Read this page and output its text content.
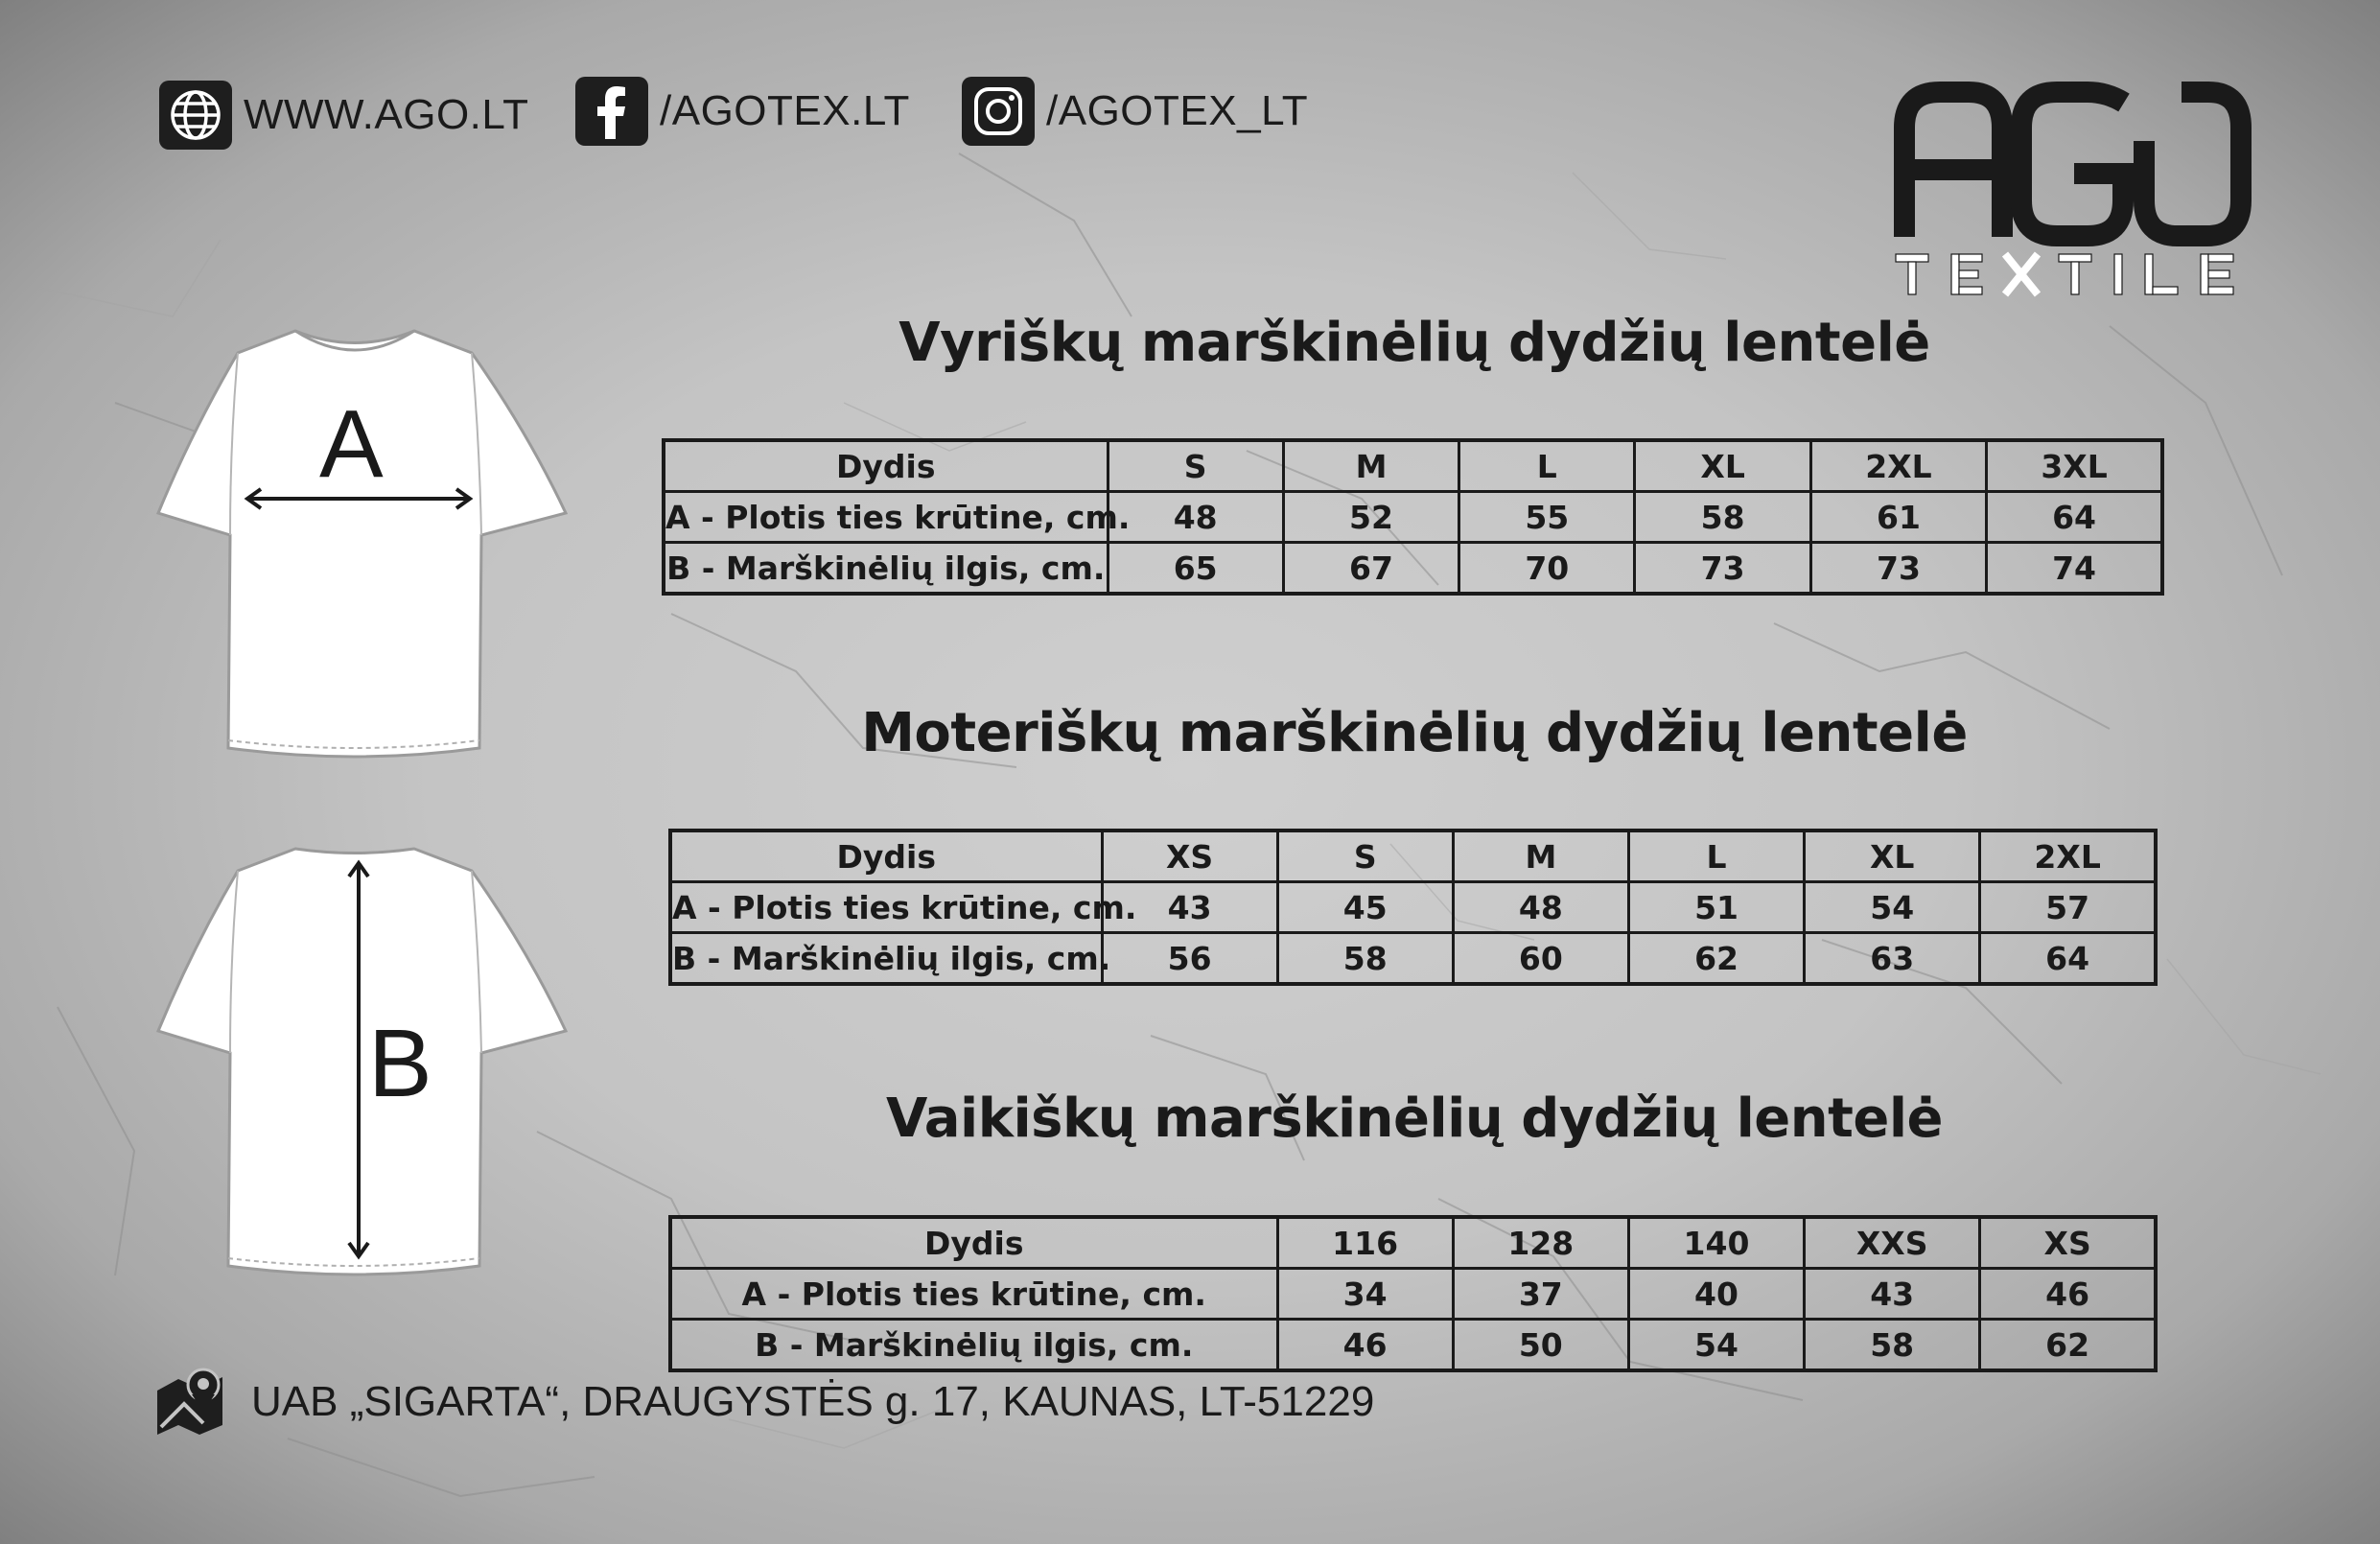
WWW.AGO.LT	/AGOTEX.LT	/AGOTEX_LT
A
B
Vyriškų marškinėlių dydžių lentelė
Dydis	S	M	L	XL	2XL	3XL
A - Plotis ties krūtine, cm.	48	52	55	58	61	64
B - Marškinėlių ilgis, cm.	65	67	70	73	73	74
Moteriškų marškinėlių dydžių lentelė
Dydis	XS	S	M	L	XL	2XL
A - Plotis ties krūtine, cm.	43	45	48	51	54	57
B - Marškinėlių ilgis, cm.	56	58	60	62	63	64
Vaikiškų marškinėlių dydžių lentelė
Dydis	116	128	140	XXS	XS
A - Plotis ties krūtine, cm.	34	37	40	43	46
B - Marškinėlių ilgis, cm.	46	50	54	58	62
UAB „SIGARTA“, DRAUGYSTĖS g. 17, KAUNAS, LT-51229
